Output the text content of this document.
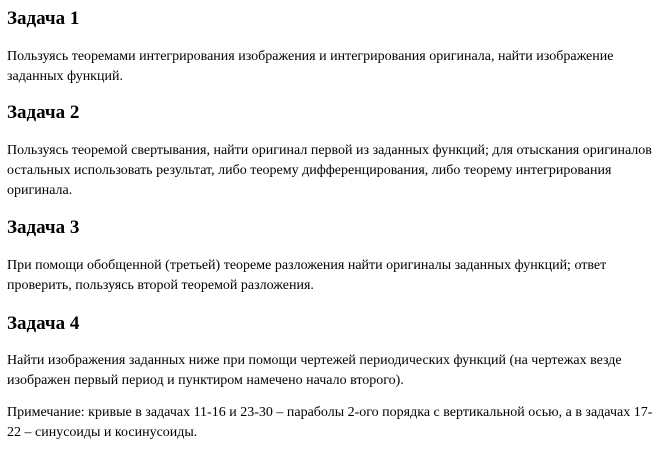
Задача 1

Пользуясь теоремами интегрирования изображения и интегрирования оригинала, найти изображение заданных функций.

Задача 2

Пользуясь теоремой свертывания, найти оригинал первой из заданных функций; для отыскания оригиналов остальных использовать результат, либо теорему дифференцирования, либо теорему интегрирования оригинала.

Задача 3

При помощи обобщенной (третьей) теореме разложения найти оригиналы заданных функций; ответ проверить, пользуясь второй теоремой разложения.

Задача 4

Найти изображения заданных ниже при помощи чертежей периодических функций (на чертежах везде изображен первый период и пунктиром намечено начало второго).

Примечание: кривые в задачах 11-16 и 23-30 – параболы 2-ого порядка с вертикальной осью, а в задачах 17-22 – синусоиды и косинусоиды.
